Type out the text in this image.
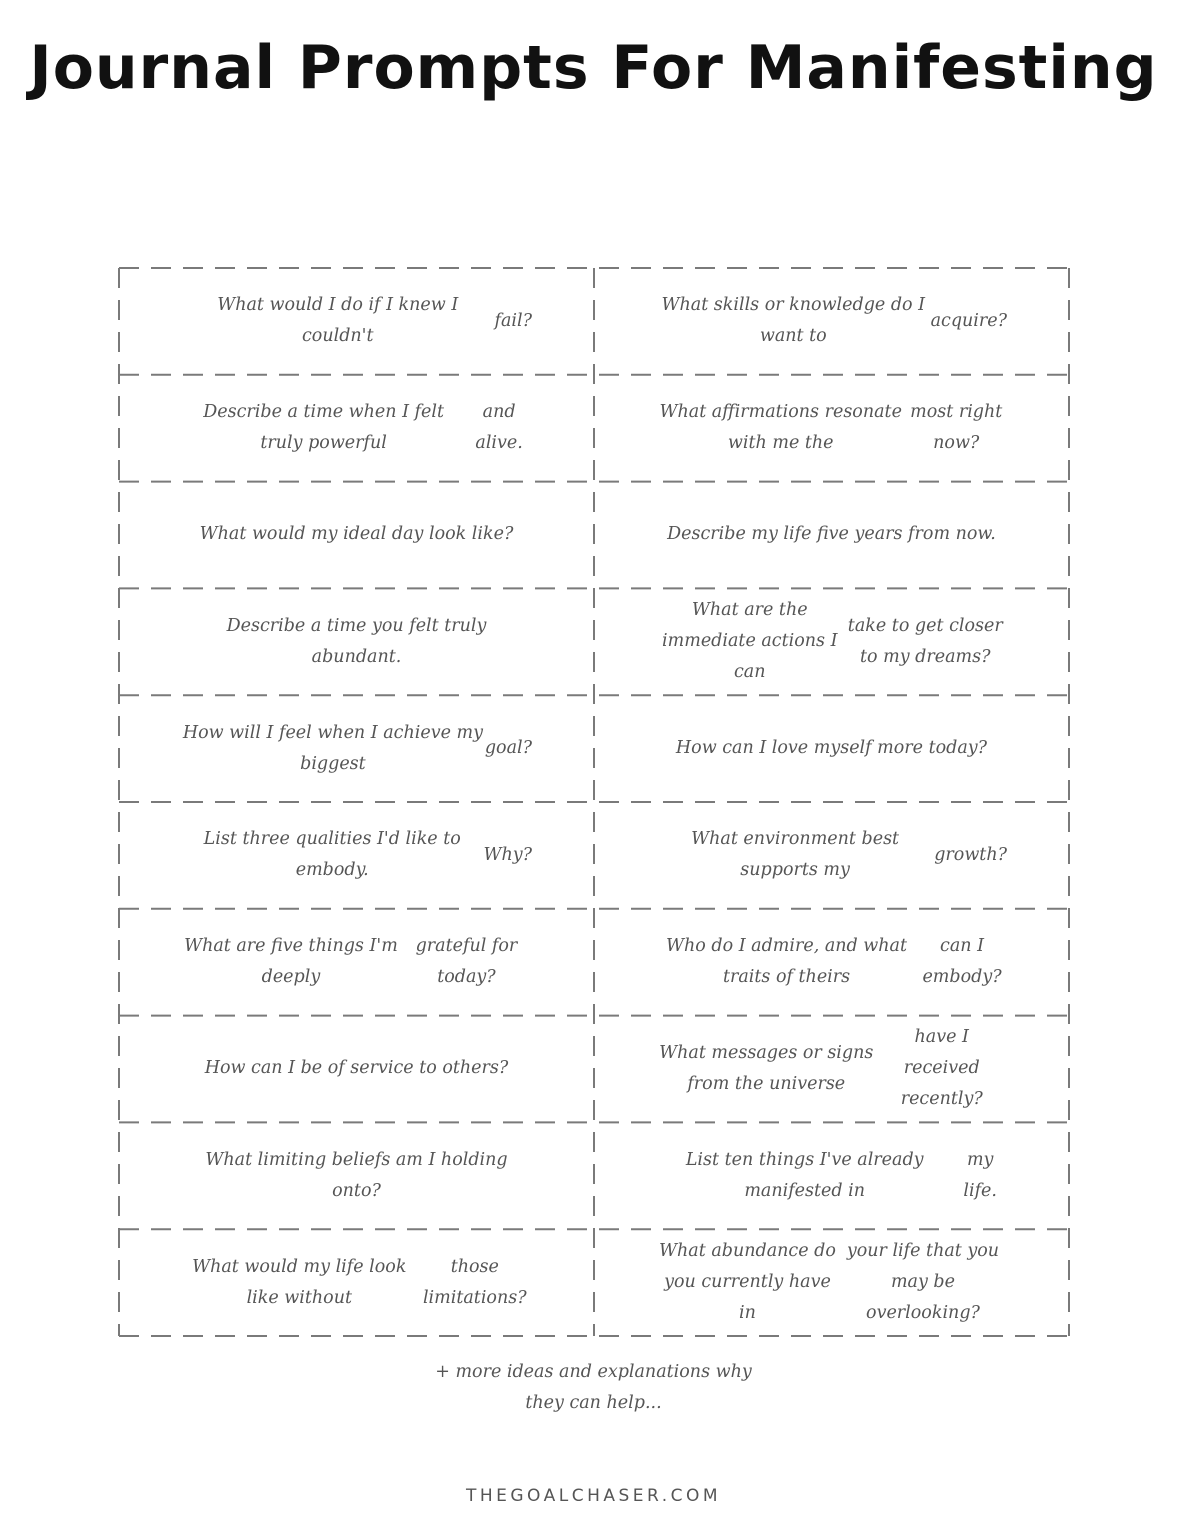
Journal Prompts For Manifesting
What would I do if I knew I couldn't
fail?
What skills or knowledge do I want to
acquire?
Describe a time when I felt truly powerful
and alive.
What affirmations resonate with me the
most right now?
What would my ideal day look like?	Describe my life five years from now.
Describe a time you felt truly abundant.
What are the immediate actions I can
take to get closer to my dreams?
How will I feel when I achieve my biggest
goal?	How can I love myself more today?
List three qualities I'd like to embody.
Why?
What environment best supports my
growth?
What are five things I'm deeply
grateful for today?
Who do I admire, and what traits of theirs
can I embody?
How can I be of service to others?
What messages or signs from the universe
have I received recently?
What limiting beliefs am I holding onto?
List ten things I've already manifested in
my life.
What would my life look like without
those limitations?
What abundance do you currently have in
your life that you may be overlooking?
+ more ideas and explanations why
they can help...
THEGOALCHASER.COM
